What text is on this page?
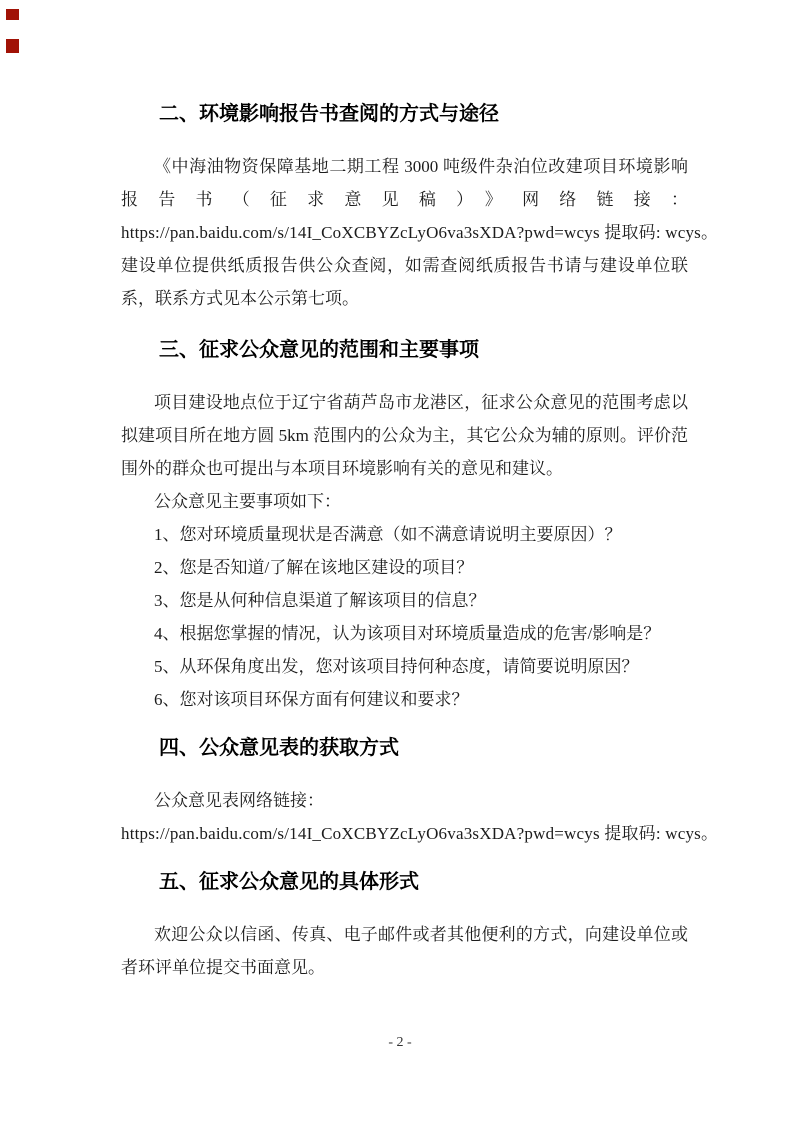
二、环境影响报告书查阅的方式与途径

《中海油物资保障基地二期工程 3000 吨级件杂泊位改建项目环境影响报告书（征求意见稿）》网络链接：

https://pan.baidu.com/s/14I_CoXCBYZcLyO6va3sXDA?pwd=wcys 提取码: wcys。

建设单位提供纸质报告供公众查阅，如需查阅纸质报告书请与建设单位联系，联系方式见本公示第七项。

三、征求公众意见的范围和主要事项

项目建设地点位于辽宁省葫芦岛市龙港区，征求公众意见的范围考虑以拟建项目所在地方圆 5km 范围内的公众为主，其它公众为辅的原则。评价范围外的群众也可提出与本项目环境影响有关的意见和建议。

公众意见主要事项如下：

1、您对环境质量现状是否满意（如不满意请说明主要原因）？
2、您是否知道/了解在该地区建设的项目？
3、您是从何种信息渠道了解该项目的信息？
4、根据您掌握的情况，认为该项目对环境质量造成的危害/影响是？
5、从环保角度出发，您对该项目持何种态度，请简要说明原因？
6、您对该项目环保方面有何建议和要求？
四、公众意见表的获取方式

公众意见表网络链接：

https://pan.baidu.com/s/14I_CoXCBYZcLyO6va3sXDA?pwd=wcys 提取码: wcys。

五、征求公众意见的具体形式

欢迎公众以信函、传真、电子邮件或者其他便利的方式，向建设单位或者环评单位提交书面意见。

- 2 -
